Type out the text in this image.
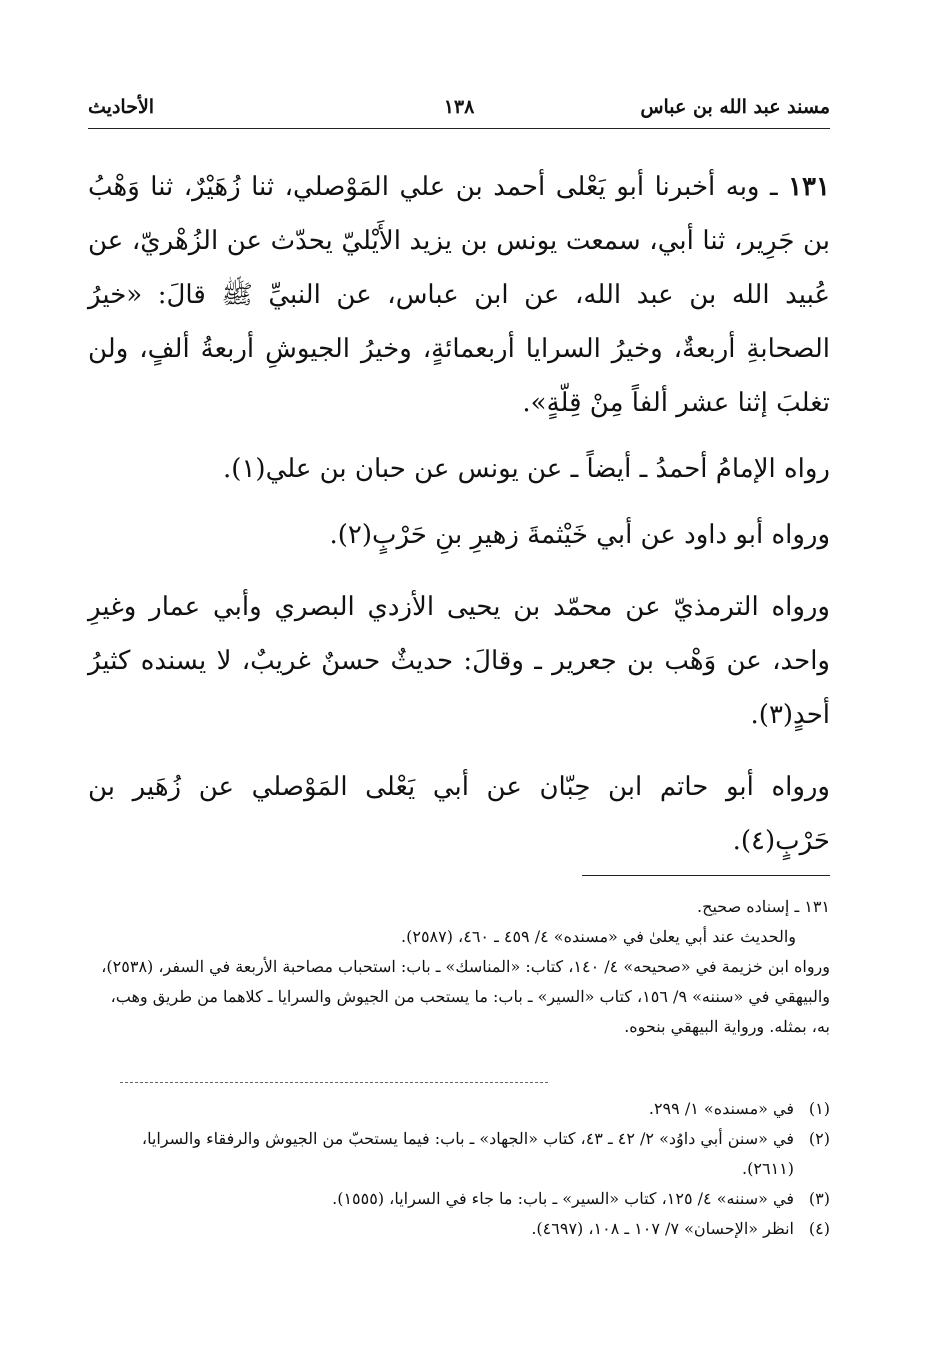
مسند عبد الله بن عباس
١٣٨
الأحاديث

١٣١ ـ وبه أخبرنا أبو يَعْلى أحمد بن علي المَوْصلي، ثنا زُهَيْرٌ، ثنا وَهْبُ بن جَرِير، ثنا أبي، سمعت يونس بن يزيد الأَيْليّ يحدّث عن الزُهْريّ، عن عُبيد الله بن عبد الله، عن ابن عباس، عن النبيِّ ﷺ قالَ: «خيرُ الصحابةِ أربعةٌ، وخيرُ السرايا أربعمائةٍ، وخيرُ الجيوشِ أربعةُ ألفٍ، ولن تغلبَ إثنا عشر ألفاً مِنْ قِلّةٍ».

رواه الإمامُ أحمدُ ـ أيضاً ـ عن يونس عن حبان بن علي(١).

ورواه أبو داود عن أبي خَيْثمةَ زهيرِ بنِ حَرْبٍ(٢).

ورواه الترمذيّ عن محمّد بن يحيى الأزدي البصري وأبي عمار وغيرِ واحد، عن وَهْب بن جعرير ـ وقالَ: حديثٌ حسنٌ غريبٌ، لا يسنده كثيرُ أحدٍ(٣).

ورواه أبو حاتم ابن حِبّان عن أبي يَعْلى المَوْصلي عن زُهَير بن حَرْبٍ(٤).

١٣١ ـ إسناده صحيح.

والحديث عند أبي يعلىٰ في «مسنده» ٤/ ٤٥٩ ـ ٤٦٠، (٢٥٨٧).

ورواه ابن خزيمة في «صحيحه» ٤/ ١٤٠، كتاب: «المناسك» ـ باب: استحباب مصاحبة الأربعة في السفر، (٢٥٣٨)، والبيهقي في «سننه» ٩/ ١٥٦، كتاب «السير» ـ باب: ما يستحب من الجيوش والسرايا ـ كلاهما من طريق وهب، به، بمثله. ورواية البيهقي بنحوه.

(١)
في «مسنده» ١/ ٢٩٩.

(٢)
في «سنن أبي داوُد» ٢/ ٤٢ ـ ٤٣، كتاب «الجهاد» ـ باب: فيما يستحبّ من الجيوش والرفقاء والسرايا، (٢٦١١).

(٣)
في «سننه» ٤/ ١٢٥، كتاب «السير» ـ باب: ما جاء في السرايا، (١٥٥٥).

(٤)
انظر «الإحسان» ٧/ ١٠٧ ـ ١٠٨، (٤٦٩٧).
